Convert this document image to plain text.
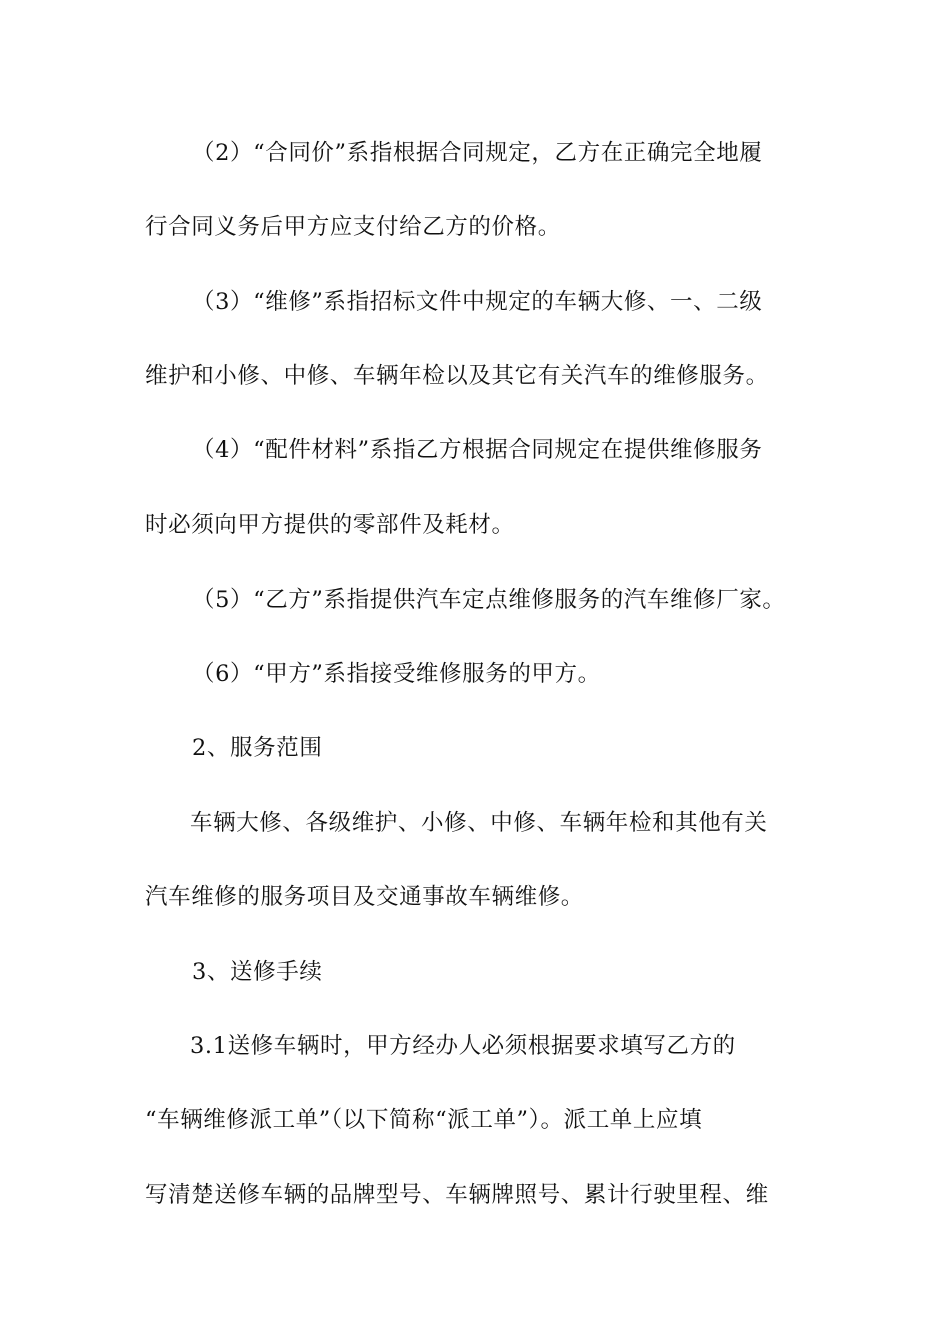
（2）“合同价”系指根据合同规定，乙方在正确完全地履
行合同义务后甲方应支付给乙方的价格。
（3）“维修”系指招标文件中规定的车辆大修、一、二级
维护和小修、中修、车辆年检以及其它有关汽车的维修服务。
（4）“配件材料”系指乙方根据合同规定在提供维修服务
时必须向甲方提供的零部件及耗材。
（5）“乙方”系指提供汽车定点维修服务的汽车维修厂家。
（6）“甲方”系指接受维修服务的甲方。
2、服务范围
车辆大修、各级维护、小修、中修、车辆年检和其他有关
汽车维修的服务项目及交通事故车辆维修。
3、送修手续
3.1送修车辆时，甲方经办人必须根据要求填写乙方的
“车辆维修派工单”（以下简称“派工单”）。派工单上应填
写清楚送修车辆的品牌型号、车辆牌照号、累计行驶里程、维
